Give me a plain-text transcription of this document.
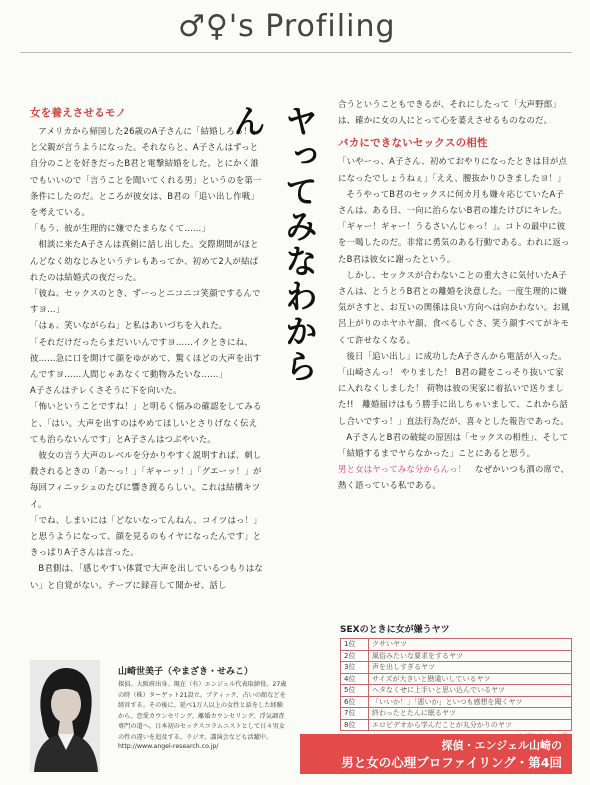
♂♀'s Profiling
女を養えさせるモノ

アメリカから帰国した26歳のA子さんに「結婚しろっ！」と父親が言うようになった。それならと、A子さんはずっと自分のことを好きだったB君と電撃結婚をした。とにかく誰でもいいので「言うことを聞いてくれる男」というのを第一条件にしたのだ。ところが彼女は、B君の「追い出し作戦」を考えている。

「もう、彼が生理的に嫌でたまらなくて……」

相談に来たA子さんは真剣に話し出した。交際期間がほとんどなく幼なじみというテレもあってか、初めて2人が結ばれたのは結婚式の夜だった。

「彼ね、セックスのとき、ずーっとニコニコ笑顔でするんですヨ…」

「はぁ、笑いながらね」と私はあいづちを入れた。

「それだけだったらまだいいんですヨ……イクときにね、彼……急に口を開けて顔をゆがめて、驚くほどの大声を出すんですヨ……人間じゃあなくて動物みたいな……」

A子さんはテレくさそうに下を向いた。

「怖いということですね！」と明るく悩みの確認をしてみると、「はい。大声を出すのはやめてほしいとさりげなく伝えても治らないんです」とA子さんはつぶやいた。

彼女の言う大声のレベルを分かりやすく説明すれば、刺し殺されるときの「あ～っ！」「ギャーッ！」「グエーッ！」が毎回フィニッシュのたびに響き渡るらしい。これは結構キツイ。

「でね、しまいには「どないなってんねん、コイツはっ！」と思うようになって、顔を見るのもイヤになったんです」ときっぱりA子さんは言った。

B君側は、「感じやすい体質で大声を出しているつもりはない」と自覚がない。テープに録音して聞かせ、話し

ヤってみなわからん	合うということもできるが、それにしたって「大声野郎」は、確かに女の人にとって心を萎えさせるものなのだ。

バカにできないセックスの相性

「いやーっ、A子さん、初めておやりになったときは目が点になったでしょうねぇ」「ええ、腰抜かりひきましたヨ！」

そうやってB君のセックスに何カ月も嫌々応じていたA子さんは、ある日、一向に治らないB君の雄たけびにキレた。

「ギャー！ギャー！うるさいんじゃっ！」。コトの最中に彼を一喝したのだ。非常に勇気のある行動である。われに返ったB君は彼女に謝ったという。

しかし、セックスが合わないことの重大さに気付いたA子さんは、とうとうB君との離婚を決意した。一度生理的に嫌気がさすと、お互いの関係は良い方向へは向かわない。お風呂上がりのホヤホヤ顔、食べるしぐさ、笑う顔すべてがキモくて許せなくなる。

後日「追い出し」に成功したA子さんから電話が入った。「山崎さんっ！ やりました！ B君の鍵をこっそり抜いて家に入れなくしました！ 荷物は彼の実家に着払いで送りました!!　離婚届けはもう勝手に出しちゃいまして、これから話し合いですっ！」直法行為だが、喜々とした報告であった。

A子さんとB君の破綻の原因は「セックスの相性」、そして「結婚するまでヤらなかった」ことにあると思う。

男と女はヤってみな分からんっ！　なぜかいつも酒の席で、熱く語っている私である。

SEXのときに女が嫌うヤツ
1位	クサいヤツ
2位	風俗みたいな要求をするヤツ
3位	声を出しすぎるヤツ
4位	サイズが大きいと勘違いしているヤツ
5位	ヘタなくせに上手いと思い込んでいるヤツ
6位	「いいか！」「悪いか」といつも感想を聞くヤツ
7位	終わったとたんに眠るヤツ
8位	エロビデオから学んだことが丸分かりのヤツ
探偵・エンジェル山崎の
男と女の心理プロファイリング・第4回
山崎世美子（やまざき・せみこ）
探偵。大阪府出身。現在（有）エンジェル代表取締役。27歳の時（株）ターゲット21設立。ブティック、占いの館などを経営する。その後に、延べ1万人以上の女性と話をした経験から、恋愛カウンセリング、離婚カウンセリング、浮気調査専門の道へ。日本初のセックスコラムニストとして日々男女の性の違いを追及する。ラジオ、講演会なども活躍中。
http://www.angel-research.co.jp/
